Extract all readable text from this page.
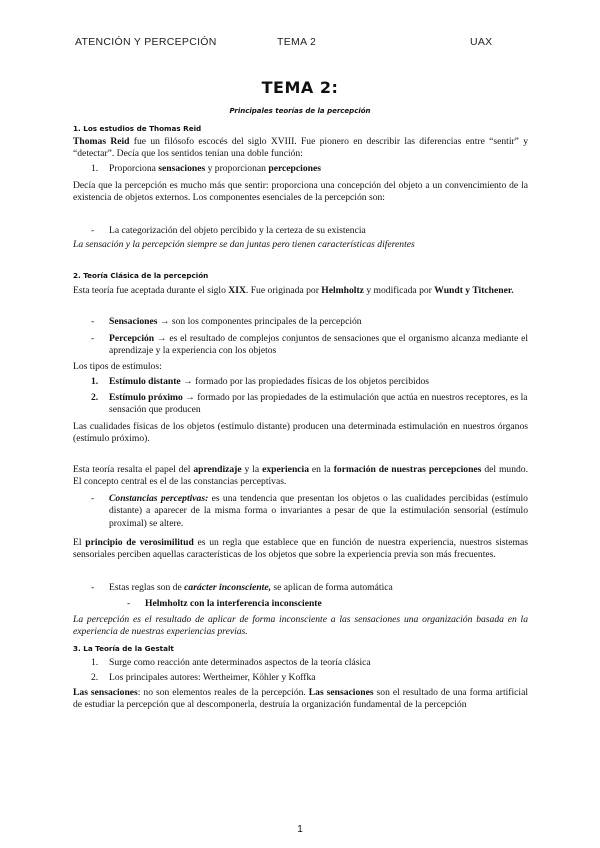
ATENCIÓN Y PERCEPCIÓN	TEMA 2	UAX
TEMA 2:
Principales teorías de la percepción
1. Los estudios de Thomas Reid
Thomas Reid fue un filósofo escocés del siglo XVIII. Fue pionero en describir las diferencias entre “sentir” y “detectar”. Decía que los sentidos tenían una doble función:
1. Proporciona sensaciones y proporcionan percepciones
Decía que la percepción es mucho más que sentir: proporciona una concepción del objeto a un convencimiento de la existencia de objetos externos. Los componentes esenciales de la percepción son:
- La categorización del objeto percibido y la certeza de su existencia
La sensación y la percepción siempre se dan juntas pero tienen características diferentes
2. Teoría Clásica de la percepción
Esta teoría fue aceptada durante el siglo XIX. Fue originada por Helmholtz y modificada por Wundt y Titchener.
- Sensaciones → son los componentes principales de la percepción
- Percepción → es el resultado de complejos conjuntos de sensaciones que el organismo alcanza mediante el aprendizaje y la experiencia con los objetos
Los tipos de estímulos:
1. Estímulo distante → formado por las propiedades físicas de los objetos percibidos
2. Estímulo próximo → formado por las propiedades de la estimulación que actúa en nuestros receptores, es la sensación que producen
Las cualidades físicas de los objetos (estímulo distante) producen una determinada estimulación en nuestros órganos (estímulo próximo).
Esta teoría resalta el papel del aprendizaje y la experiencia en la formación de nuestras percepciones del mundo. El concepto central es el de las constancias perceptivas.
- Constancias perceptivas: es una tendencia que presentan los objetos o las cualidades percibidas (estímulo distante) a aparecer de la misma forma o invariantes a pesar de que la estimulación sensorial (estímulo proximal) se altere.
El principio de verosimilitud es un regla que establece que en función de nuestra experiencia, nuestros sistemas sensoriales perciben aquellas características de los objetos que sobre la experiencia previa son más frecuentes.
- Estas reglas son de carácter inconsciente, se aplican de forma automática
- Helmholtz con la interferencia inconsciente
La percepción es el resultado de aplicar de forma inconsciente a las sensaciones una organización basada en la experiencia de nuestras experiencias previas.
3. La Teoría de la Gestalt
1. Surge como reacción ante determinados aspectos de la teoría clásica
2. Los principales autores: Wertheimer, Köhler y Koffka
Las sensaciones: no son elementos reales de la percepción. Las sensaciones son el resultado de una forma artificial de estudiar la percepción que al descomponerla, destruía la organización fundamental de la percepción
1
